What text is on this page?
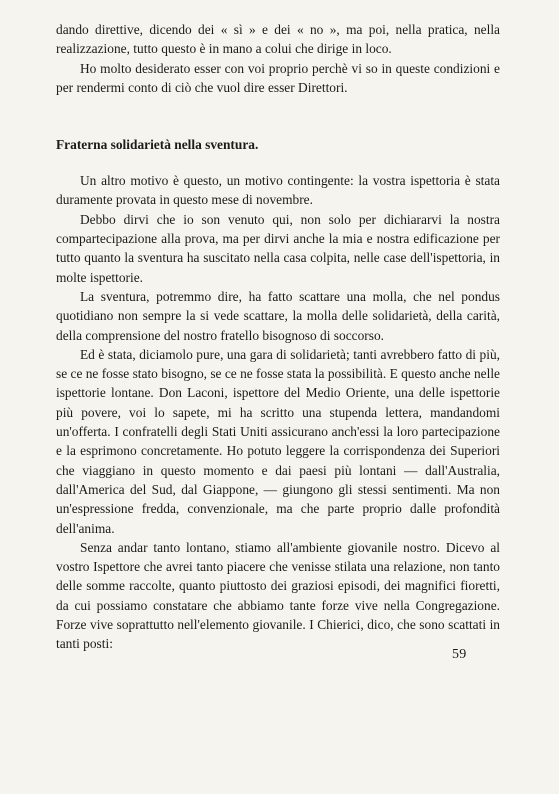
dando direttive, dicendo dei « sì » e dei « no », ma poi, nella pratica, nella realizzazione, tutto questo è in mano a colui che dirige in loco.

Ho molto desiderato esser con voi proprio perchè vi so in queste condizioni e per rendermi conto di ciò che vuol dire esser Direttori.

Fraterna solidarietà nella sventura.

Un altro motivo è questo, un motivo contingente: la vostra ispettoria è stata duramente provata in questo mese di novembre.

Debbo dirvi che io son venuto qui, non solo per dichiararvi la nostra compartecipazione alla prova, ma per dirvi anche la mia e nostra edificazione per tutto quanto la sventura ha suscitato nella casa colpita, nelle case dell'ispettoria, in molte ispettorie.

La sventura, potremmo dire, ha fatto scattare una molla, che nel pondus quotidiano non sempre la si vede scattare, la molla delle solidarietà, della carità, della comprensione del nostro fratello bisognoso di soccorso.

Ed è stata, diciamolo pure, una gara di solidarietà; tanti avrebbero fatto di più, se ce ne fosse stato bisogno, se ce ne fosse stata la possibilità. E questo anche nelle ispettorie lontane. Don Laconi, ispettore del Medio Oriente, una delle ispettorie più povere, voi lo sapete, mi ha scritto una stupenda lettera, mandandomi un'offerta. I confratelli degli Stati Uniti assicurano anch'essi la loro partecipazione e la esprimono concretamente. Ho potuto leggere la corrispondenza dei Superiori che viaggiano in questo momento e dai paesi più lontani — dall'Australia, dall'America del Sud, dal Giappone, — giungono gli stessi sentimenti. Ma non un'espressione fredda, convenzionale, ma che parte proprio dalle profondità dell'anima.

Senza andar tanto lontano, stiamo all'ambiente giovanile nostro. Dicevo al vostro Ispettore che avrei tanto piacere che venisse stilata una relazione, non tanto delle somme raccolte, quanto piuttosto dei graziosi episodi, dei magnifici fioretti, da cui possiamo constatare che abbiamo tante forze vive nella Congregazione. Forze vive soprattutto nell'elemento giovanile. I Chierici, dico, che sono scattati in tanti posti:

59
